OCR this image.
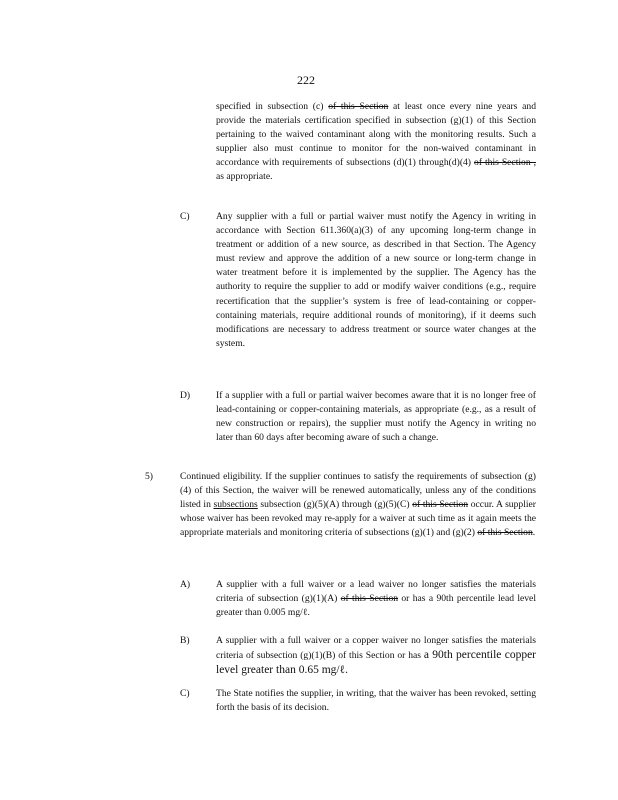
222

specified in subsection (c) of this Section at least once every nine years and provide the materials certification specified in subsection (g)(1) of this Section pertaining to the waived contaminant along with the monitoring results. Such a supplier also must continue to monitor for the non-waived contaminant in accordance with requirements of subsections (d)(1) through(d)(4) of this Section , as appropriate.

C)	Any supplier with a full or partial waiver must notify the Agency in writing in accordance with Section 611.360(a)(3) of any upcoming long-term change in treatment or addition of a new source, as described in that Section. The Agency must review and approve the addition of a new source or long-term change in water treatment before it is implemented by the supplier. The Agency has the authority to require the supplier to add or modify waiver conditions (e.g., require recertification that the supplier’s system is free of lead-containing or copper-containing materials, require additional rounds of monitoring), if it deems such modifications are necessary to address treatment or source water changes at the system.
D)	If a supplier with a full or partial waiver becomes aware that it is no longer free of lead-containing or copper-containing materials, as appropriate (e.g., as a result of new construction or repairs), the supplier must notify the Agency in writing no later than 60 days after becoming aware of such a change.
5)	Continued eligibility. If the supplier continues to satisfy the requirements of subsection (g)(4) of this Section, the waiver will be renewed automatically, unless any of the conditions listed in subsections subsection (g)(5)(A) through (g)(5)(C) of this Section occur. A supplier whose waiver has been revoked may re-apply for a waiver at such time as it again meets the appropriate materials and monitoring criteria of subsections (g)(1) and (g)(2) of this Section.

A)	A supplier with a full waiver or a lead waiver no longer satisfies the materials criteria of subsection (g)(1)(A) of this Section or has a 90th percentile lead level greater than 0.005 mg/ℓ.

B)	A supplier with a full waiver or a copper waiver no longer satisfies the materials criteria of subsection (g)(1)(B) of this Section or has a 90th percentile copper level greater than 0.65 mg/ℓ.

C)	The State notifies the supplier, in writing, that the waiver has been revoked, setting forth the basis of its decision.
